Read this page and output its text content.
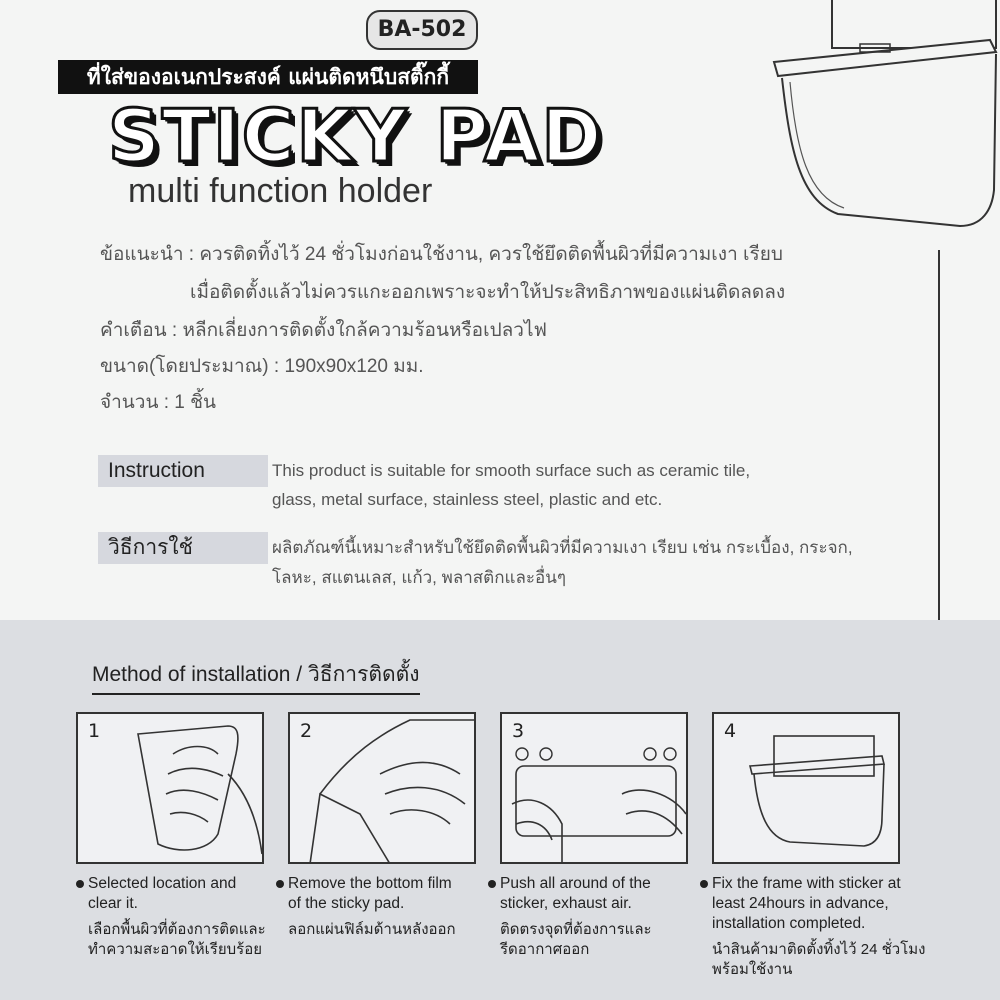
BA-502
ที่ใส่ของอเนกประสงค์ แผ่นติดหนึบสติ๊กกี้
STICKY PAD
multi function holder
ข้อแนะนำ : ควรติดทิ้งไว้ 24 ชั่วโมงก่อนใช้งาน, ควรใช้ยึดติดพื้นผิวที่มีความเงา เรียบ
เมื่อติดตั้งแล้วไม่ควรแกะออกเพราะจะทำให้ประสิทธิภาพของแผ่นติดลดลง
คำเตือน : หลีกเลี่ยงการติดตั้งใกล้ความร้อนหรือเปลวไฟ
ขนาด(โดยประมาณ) : 190x90x120 มม.
จำนวน : 1 ชิ้น
Instruction	This product is suitable for smooth surface such as ceramic tile,
glass, metal surface, stainless steel, plastic and etc.
วิธีการใช้	ผลิตภัณฑ์นี้เหมาะสำหรับใช้ยึดติดพื้นผิวที่มีความเงา เรียบ เช่น กระเบื้อง, กระจก,
โลหะ, สแตนเลส, แก้ว, พลาสติกและอื่นๆ
Method of installation / วิธีการติดตั้ง
1	2	3	4
Selected location and
clear it.
เลือกพื้นผิวที่ต้องการติดและ
ทำความสะอาดให้เรียบร้อย
Remove the bottom film
of the sticky pad.
ลอกแผ่นฟิล์มด้านหลังออก
Push all around of the
sticker, exhaust air.
ติดตรงจุดที่ต้องการและ
รีดอากาศออก
Fix the frame with sticker at
least 24hours in advance,
installation completed.
นำสินค้ามาติดตั้งทิ้งไว้ 24 ชั่วโมง
พร้อมใช้งาน
